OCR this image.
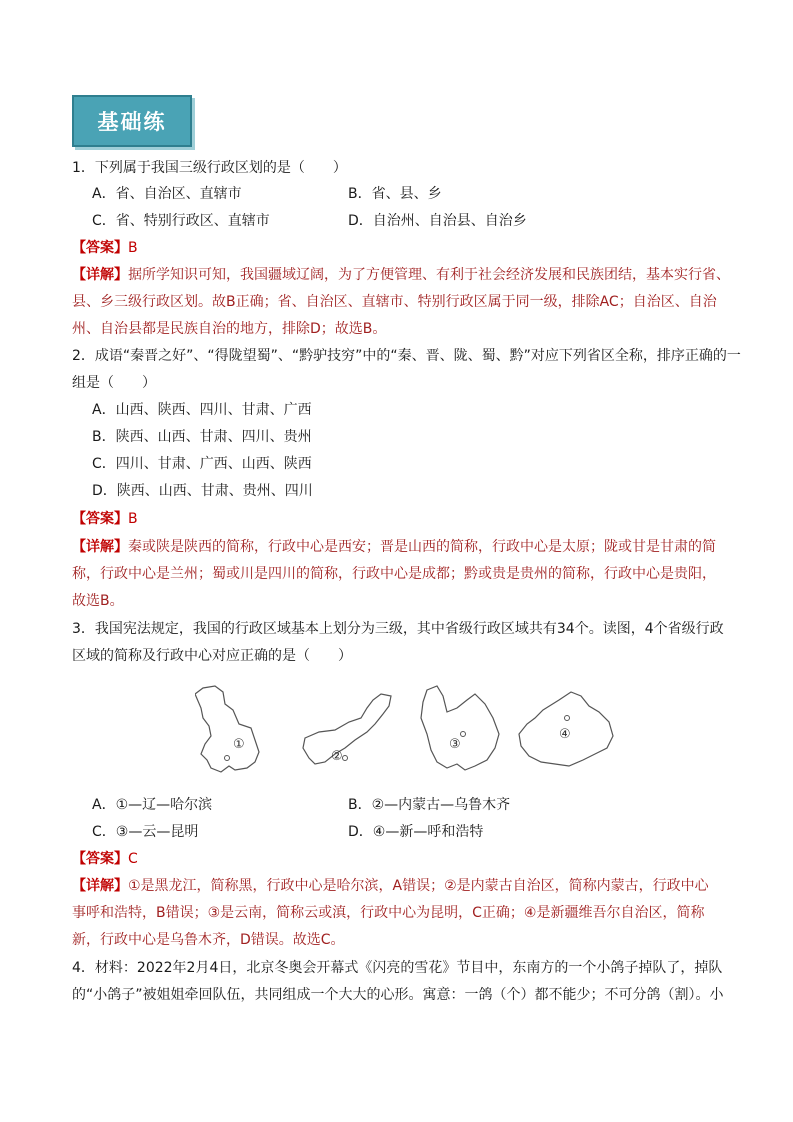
基础练
1．下列属于我国三级行政区划的是（　　）
A．省、自治区、直辖市	B．省、县、乡
C．省、特别行政区、直辖市	D．自治州、自治县、自治乡
【答案】B
【详解】据所学知识可知，我国疆域辽阔，为了方便管理、有利于社会经济发展和民族团结，基本实行省、
县、乡三级行政区划。故B正确；省、自治区、直辖市、特别行政区属于同一级，排除AC；自治区、自治
州、自治县都是民族自治的地方，排除D；故选B。
2．成语“秦晋之好”、“得陇望蜀”、“黔驴技穷”中的“秦、晋、陇、蜀、黔”对应下列省区全称，排序正确的一
组是（　　）
A．山西、陕西、四川、甘肃、广西
B．陕西、山西、甘肃、四川、贵州
C．四川、甘肃、广西、山西、陕西
D．陕西、山西、甘肃、贵州、四川
【答案】B
【详解】秦或陕是陕西的简称，行政中心是西安；晋是山西的简称，行政中心是太原；陇或甘是甘肃的简
称，行政中心是兰州；蜀或川是四川的简称，行政中心是成都；黔或贵是贵州的简称，行政中心是贵阳，
故选B。
3．我国宪法规定，我国的行政区域基本上划分为三级，其中省级行政区域共有34个。读图，4个省级行政
区域的简称及行政中心对应正确的是（　　）
①
②
③
④
A．①—辽—哈尔滨	B．②—内蒙古—乌鲁木齐
C．③—云—昆明	D．④—新—呼和浩特
【答案】C
【详解】①是黑龙江，简称黑，行政中心是哈尔滨，A错误；②是内蒙古自治区，简称内蒙古，行政中心
事呼和浩特，B错误；③是云南，简称云或滇，行政中心为昆明，C正确；④是新疆维吾尔自治区，简称
新，行政中心是乌鲁木齐，D错误。故选C。
4．材料：2022年2月4日，北京冬奥会开幕式《闪亮的雪花》节目中，东南方的一个小鸽子掉队了，掉队
的“小鸽子”被姐姐牵回队伍，共同组成一个大大的心形。寓意：一鸽（个）都不能少；不可分鸽（割）。小
